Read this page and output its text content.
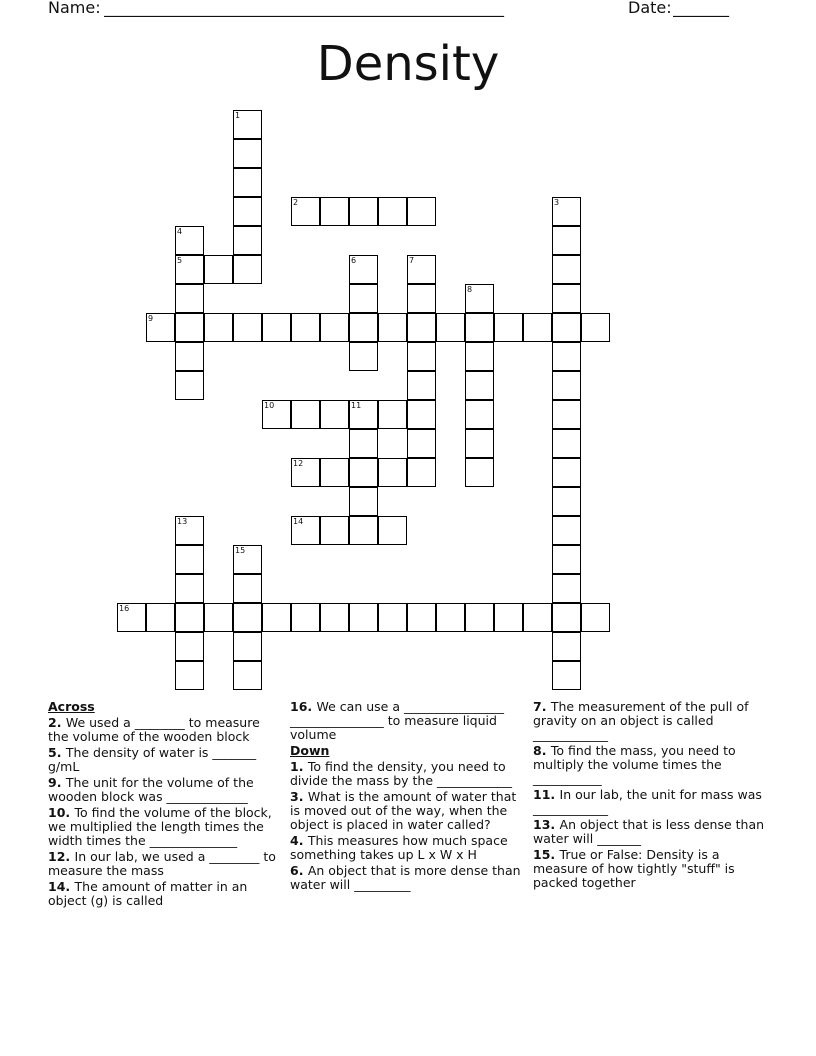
Name: __________________________________________________	Date: _______
Density
1
2	3
4
5	6	7
8
9
10	11
12
13	14
15
16
Across
2 . We used a ________ to measure the volume of the wooden block
5 . The density of water is _______ g/mL
9 . The unit for the volume of the wooden block was _____________
10 . To find the volume of the block, we multiplied the length times the width times the ______________
12 . In our lab, we used a ________ to measure the mass
14 . The amount of matter in an object (g) is called
16 . We can use a ________________ _______________ to measure liquid volume
Down
1 . To find the density, you need to divide the mass by the ____________
3 . What is the amount of water that is moved out of the way, when the object is placed in water called?
4 . This measures how much space something takes up L x W x H
6 . An object that is more dense than water will _________
7 . The measurement of the pull of gravity on an object is called ____________
8 . To find the mass, you need to multiply the volume times the ___________
11 . In our lab, the unit for mass was ____________
13 . An object that is less dense than water will _______
15 . True or False: Density is a measure of how tightly "stuff" is packed together
